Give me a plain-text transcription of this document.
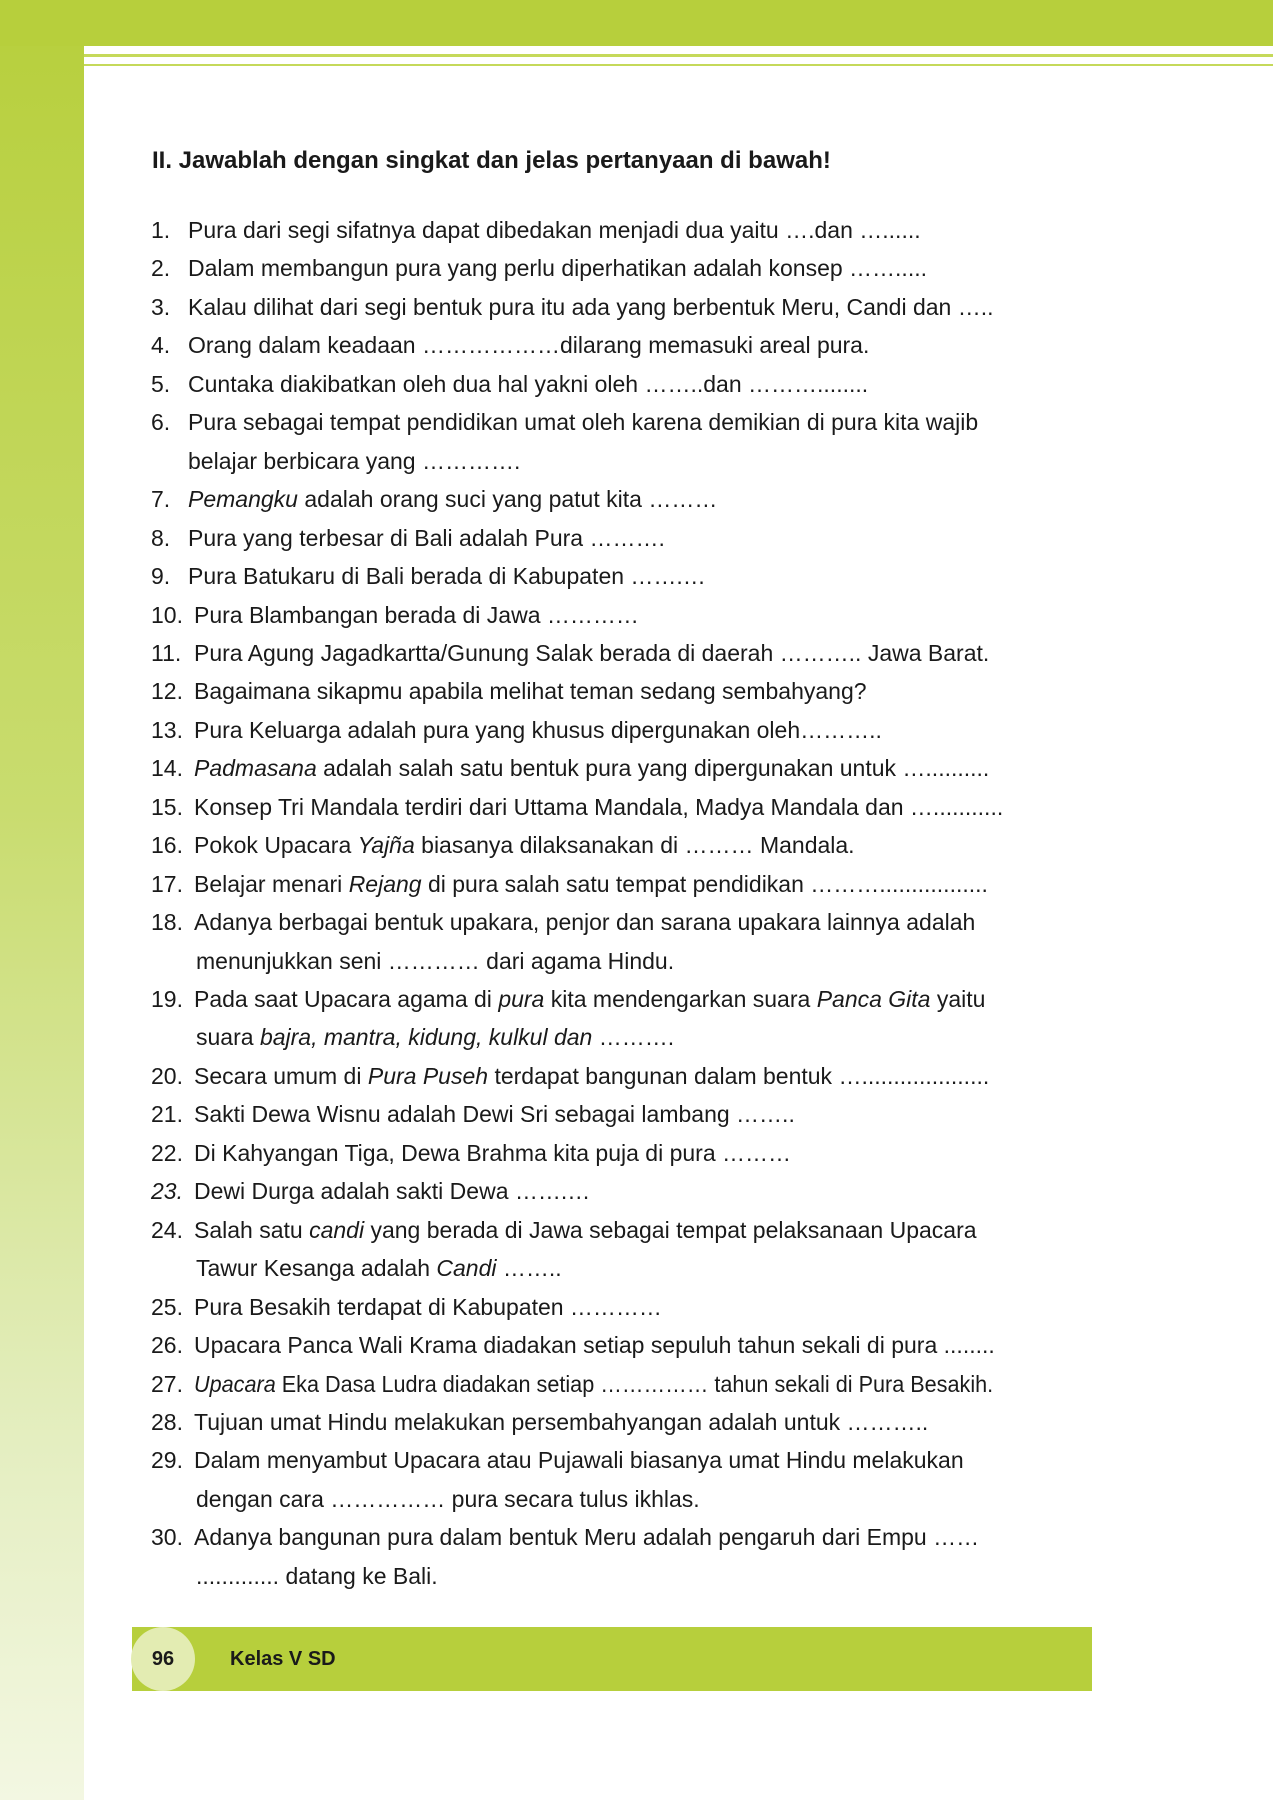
II. Jawablah dengan singkat dan jelas pertanyaan di bawah!
1. Pura dari segi sifatnya dapat dibedakan menjadi dua yaitu ….dan …......
2. Dalam membangun pura yang perlu diperhatikan adalah konsep …….....
3. Kalau dilihat dari segi bentuk pura itu ada yang berbentuk Meru, Candi dan …..
4. Orang dalam keadaan ………………dilarang memasuki areal pura.
5. Cuntaka diakibatkan oleh dua hal yakni oleh ……..dan ………........
6. Pura sebagai tempat pendidikan umat oleh karena demikian di pura kita wajib
belajar berbicara yang ………….
7. Pemangku adalah orang suci yang patut kita ………
8. Pura yang terbesar di Bali adalah Pura ……….
9. Pura Batukaru di Bali berada di Kabupaten …….…
10. Pura Blambangan berada di Jawa …………
11. Pura Agung Jagadkartta/Gunung Salak berada di daerah ……….. Jawa Barat.
12. Bagaimana sikapmu apabila melihat teman sedang sembahyang?
13. Pura Keluarga adalah pura yang khusus dipergunakan oleh………..
14. Padmasana adalah salah satu bentuk pura yang dipergunakan untuk …..........
15. Konsep Tri Mandala terdiri dari Uttama Mandala, Madya Mandala dan …...........
16. Pokok Upacara Yajña biasanya dilaksanakan di ……… Mandala.
17. Belajar menari Rejang di pura salah satu tempat pendidikan ……….................
18. Adanya berbagai bentuk upakara, penjor dan sarana upakara lainnya adalah
menunjukkan seni ………… dari agama Hindu.
19. Pada saat Upacara agama di pura kita mendengarkan suara Panca Gita yaitu
suara bajra, mantra, kidung, kulkul dan ……….
20. Secara umum di Pura Puseh terdapat bangunan dalam bentuk …....................
21. Sakti Dewa Wisnu adalah Dewi Sri sebagai lambang ……..
22. Di Kahyangan Tiga, Dewa Brahma kita puja di pura ………
23. Dewi Durga adalah sakti Dewa …….…
24. Salah satu candi yang berada di Jawa sebagai tempat pelaksanaan Upacara
Tawur Kesanga adalah Candi ……..
25. Pura Besakih terdapat di Kabupaten …………
26. Upacara Panca Wali Krama diadakan setiap sepuluh tahun sekali di pura ........
27. Upacara Eka Dasa Ludra diadakan setiap …………… tahun sekali di Pura Besakih.
28. Tujuan umat Hindu melakukan persembahyangan adalah untuk ………..
29. Dalam menyambut Upacara atau Pujawali biasanya umat Hindu melakukan
dengan cara …………… pura secara tulus ikhlas.
30. Adanya bangunan pura dalam bentuk Meru adalah pengaruh dari Empu ……
............. datang ke Bali.
96	Kelas V SD
